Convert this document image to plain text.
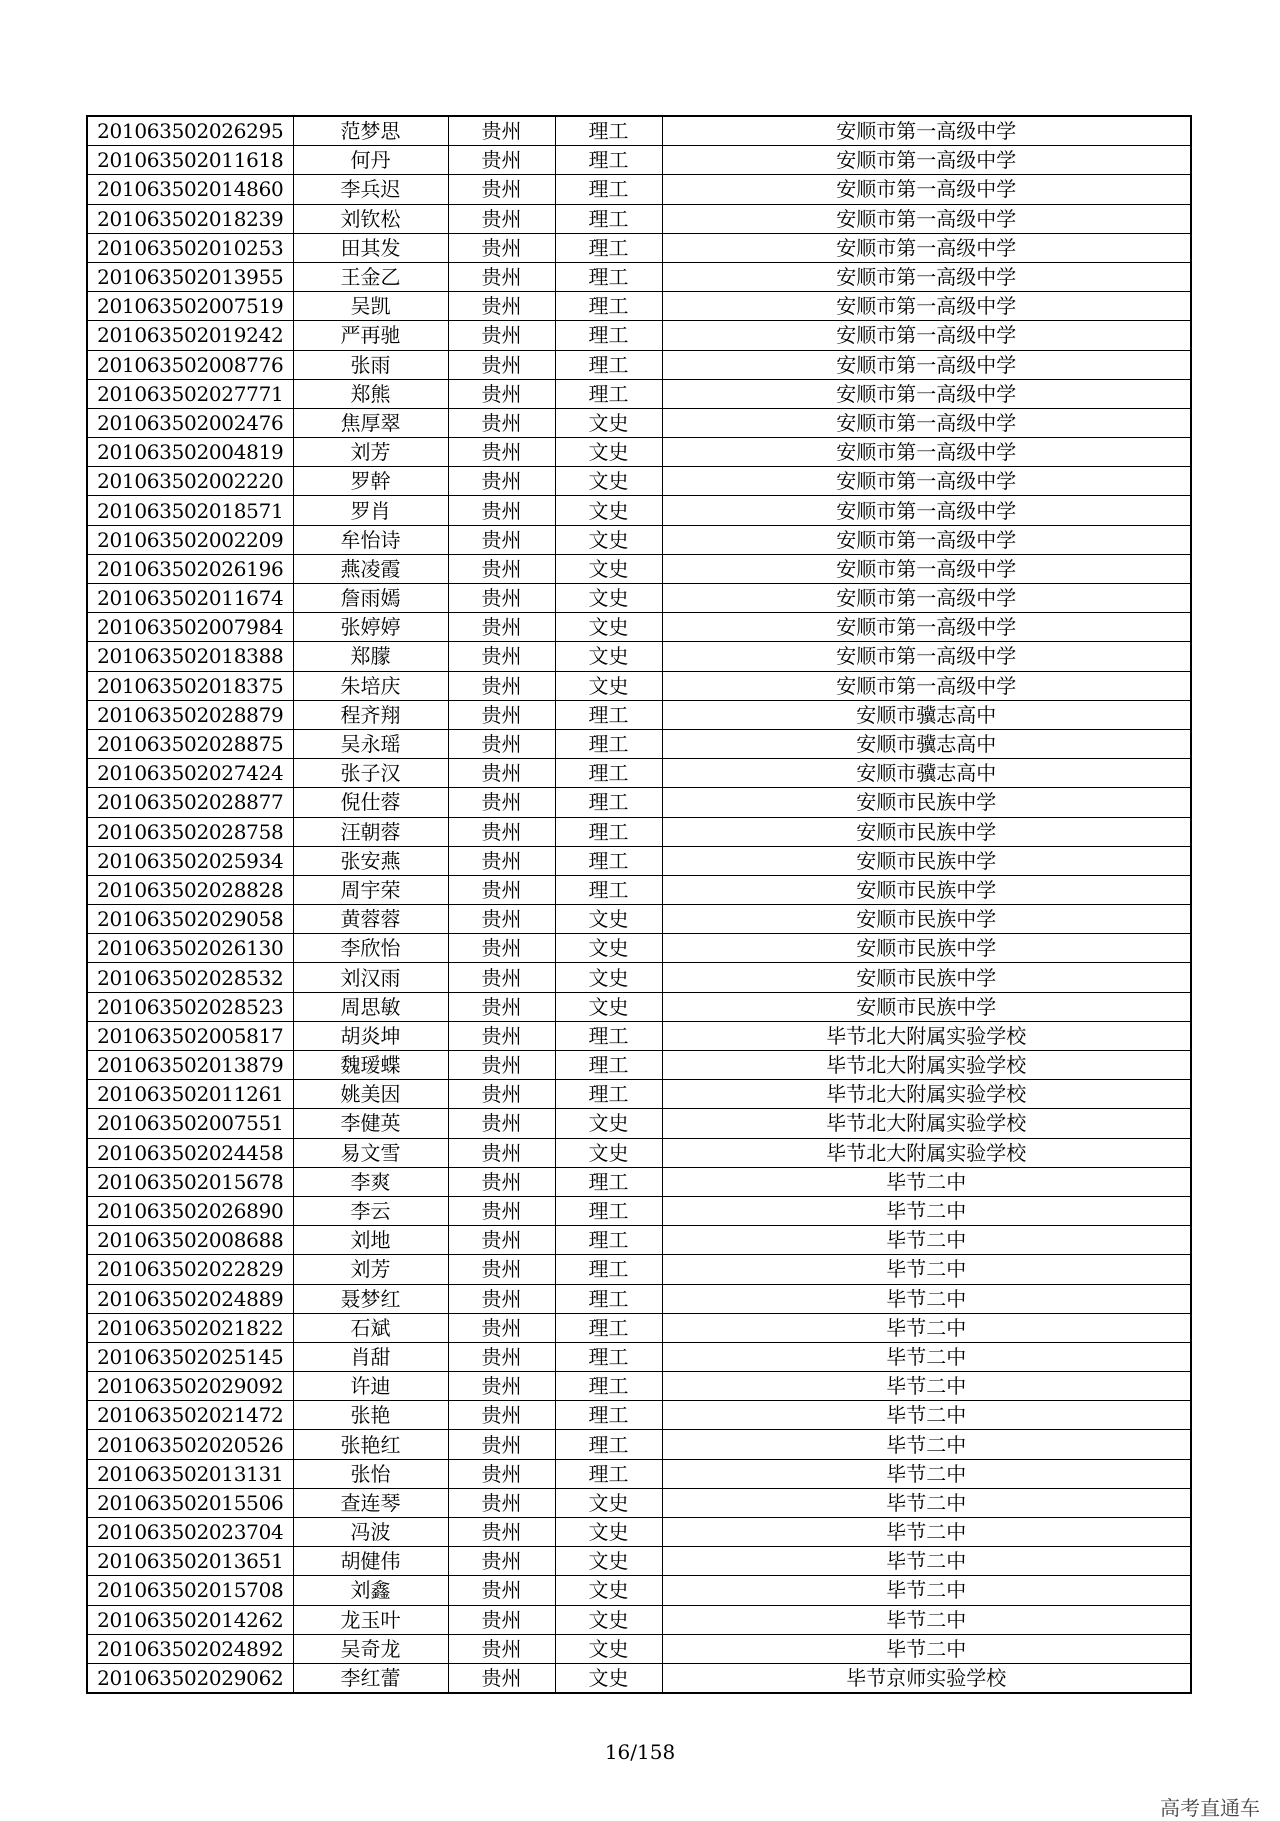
201063502026295	范梦思	贵州	理工	安顺市第一高级中学
201063502011618	何丹	贵州	理工	安顺市第一高级中学
201063502014860	李兵迟	贵州	理工	安顺市第一高级中学
201063502018239	刘钦松	贵州	理工	安顺市第一高级中学
201063502010253	田其发	贵州	理工	安顺市第一高级中学
201063502013955	王金乙	贵州	理工	安顺市第一高级中学
201063502007519	吴凯	贵州	理工	安顺市第一高级中学
201063502019242	严再驰	贵州	理工	安顺市第一高级中学
201063502008776	张雨	贵州	理工	安顺市第一高级中学
201063502027771	郑熊	贵州	理工	安顺市第一高级中学
201063502002476	焦厚翠	贵州	文史	安顺市第一高级中学
201063502004819	刘芳	贵州	文史	安顺市第一高级中学
201063502002220	罗幹	贵州	文史	安顺市第一高级中学
201063502018571	罗肖	贵州	文史	安顺市第一高级中学
201063502002209	牟怡诗	贵州	文史	安顺市第一高级中学
201063502026196	燕凌霞	贵州	文史	安顺市第一高级中学
201063502011674	詹雨嫣	贵州	文史	安顺市第一高级中学
201063502007984	张婷婷	贵州	文史	安顺市第一高级中学
201063502018388	郑朦	贵州	文史	安顺市第一高级中学
201063502018375	朱培庆	贵州	文史	安顺市第一高级中学
201063502028879	程齐翔	贵州	理工	安顺市骥志高中
201063502028875	吴永瑶	贵州	理工	安顺市骥志高中
201063502027424	张子汉	贵州	理工	安顺市骥志高中
201063502028877	倪仕蓉	贵州	理工	安顺市民族中学
201063502028758	汪朝蓉	贵州	理工	安顺市民族中学
201063502025934	张安燕	贵州	理工	安顺市民族中学
201063502028828	周宇荣	贵州	理工	安顺市民族中学
201063502029058	黄蓉蓉	贵州	文史	安顺市民族中学
201063502026130	李欣怡	贵州	文史	安顺市民族中学
201063502028532	刘汉雨	贵州	文史	安顺市民族中学
201063502028523	周思敏	贵州	文史	安顺市民族中学
201063502005817	胡炎坤	贵州	理工	毕节北大附属实验学校
201063502013879	魏瑷蝶	贵州	理工	毕节北大附属实验学校
201063502011261	姚美因	贵州	理工	毕节北大附属实验学校
201063502007551	李健英	贵州	文史	毕节北大附属实验学校
201063502024458	易文雪	贵州	文史	毕节北大附属实验学校
201063502015678	李爽	贵州	理工	毕节二中
201063502026890	李云	贵州	理工	毕节二中
201063502008688	刘地	贵州	理工	毕节二中
201063502022829	刘芳	贵州	理工	毕节二中
201063502024889	聂梦红	贵州	理工	毕节二中
201063502021822	石斌	贵州	理工	毕节二中
201063502025145	肖甜	贵州	理工	毕节二中
201063502029092	许迪	贵州	理工	毕节二中
201063502021472	张艳	贵州	理工	毕节二中
201063502020526	张艳红	贵州	理工	毕节二中
201063502013131	张怡	贵州	理工	毕节二中
201063502015506	查连琴	贵州	文史	毕节二中
201063502023704	冯波	贵州	文史	毕节二中
201063502013651	胡健伟	贵州	文史	毕节二中
201063502015708	刘鑫	贵州	文史	毕节二中
201063502014262	龙玉叶	贵州	文史	毕节二中
201063502024892	吴奇龙	贵州	文史	毕节二中
201063502029062	李红蕾	贵州	文史	毕节京师实验学校
16/158
高考直通车
